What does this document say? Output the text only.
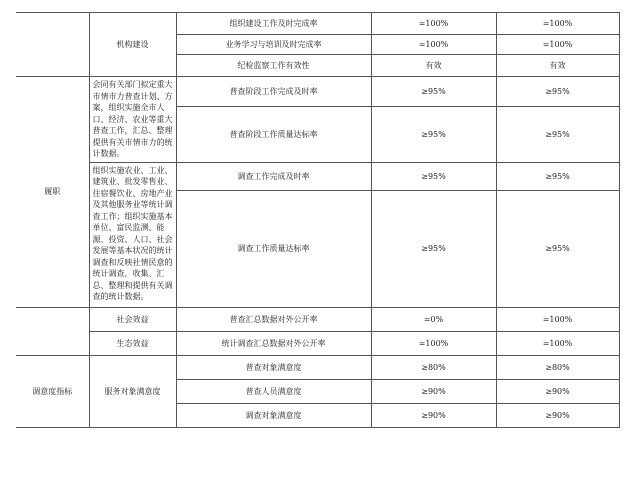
	机构建设	组织建设工作及时完成率	=100%	=100%
		业务学习与培训及时完成率	=100%	=100%
		纪检监察工作有效性	有效	有效
履职	会同有关部门拟定重大市情市力普查计划、方案，组织实施全市人口、经济、农业等重大普查工作，汇总、整理提供有关市情市力的统计数据。	普查阶段工作完成及时率	≥95%	≥95%
		普查阶段工作质量达标率	≥95%	≥95%
	组织实施农业、工业、建筑业、批发零售业、住宿餐饮业、房地产业及其他服务业等统计调查工作；组织实施基本单位、富民监测、能源、投资、人口、社会发展等基本状况的统计调查和反映社情民意的统计调查，收集、汇总、整理和提供有关调查的统计数据。	调查工作完成及时率	≥95%	≥95%
		调查工作质量达标率	≥95%	≥95%
	社会效益	普查汇总数据对外公开率	=0%	=100%
	生态效益	统计调查汇总数据对外公开率	=100%	=100%
调意度指标	服务对象满意度	普查对象满意度	≥80%	≥80%
		普查人员满意度	≥90%	≥90%
		调查对象满意度	≥90%	≥90%
